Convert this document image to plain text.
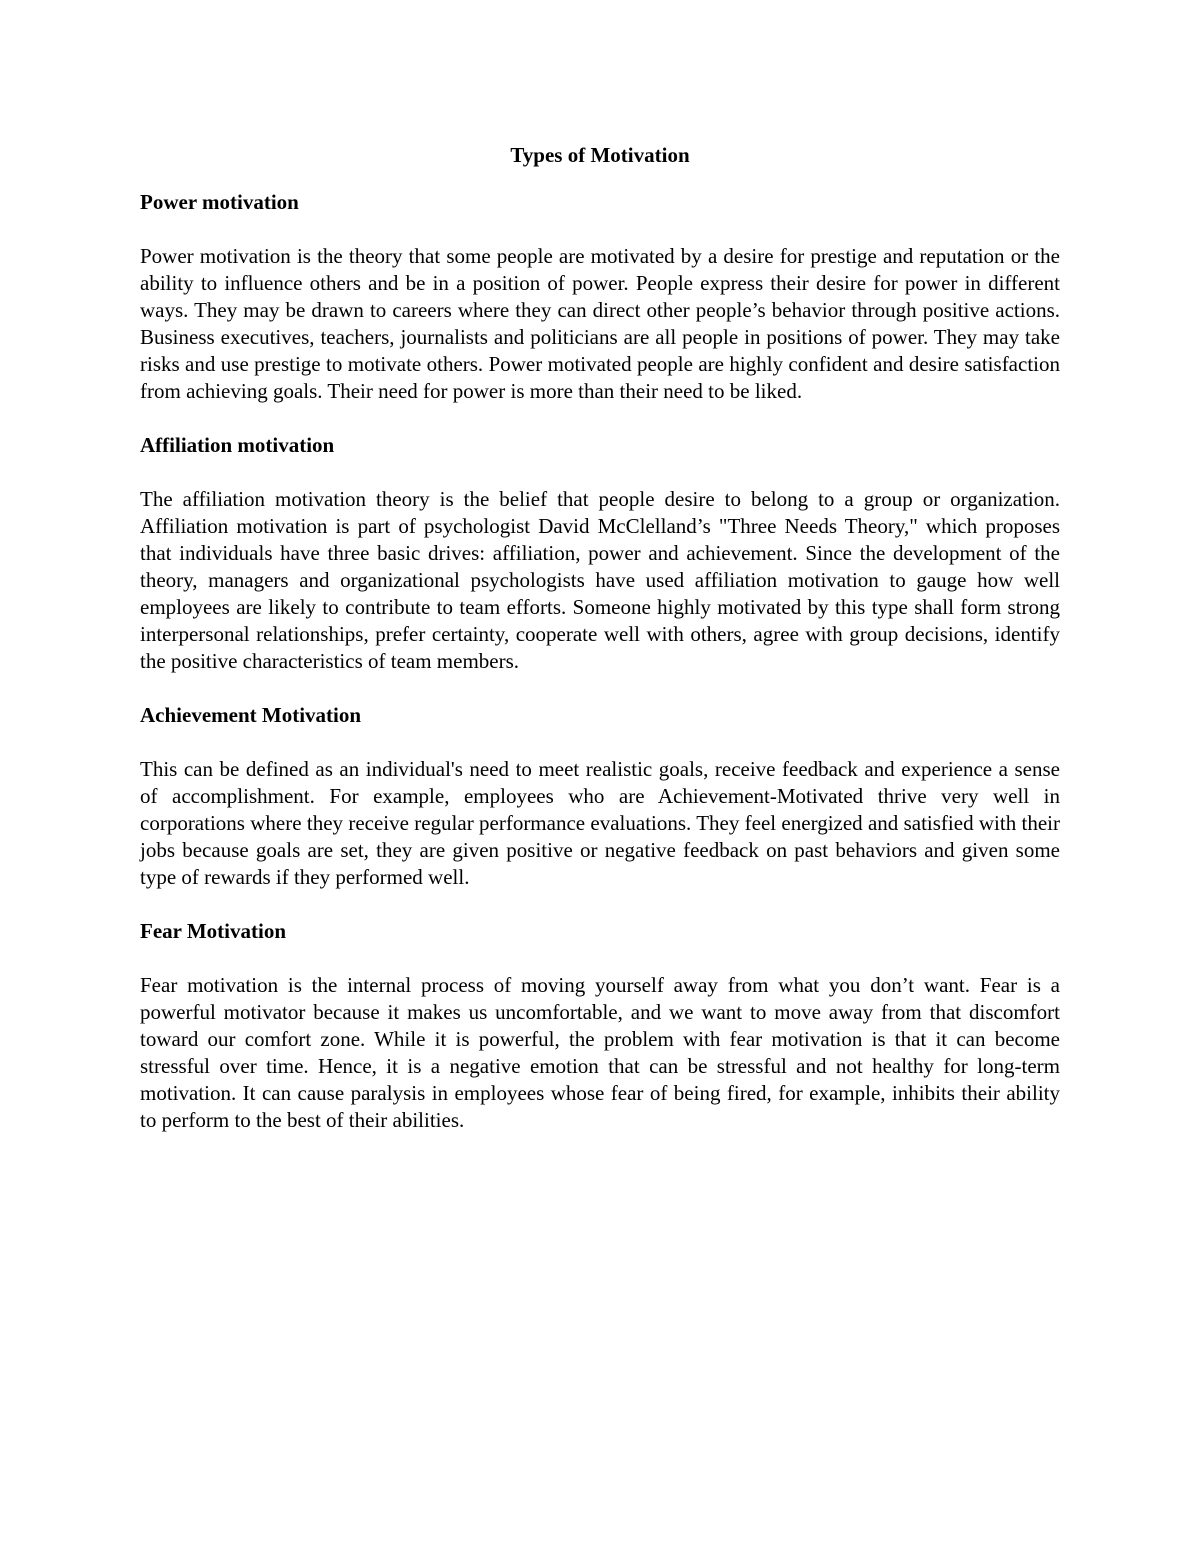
Types of Motivation
Power motivation

Power motivation is the theory that some people are motivated by a desire for prestige and reputation or the ability to influence others and be in a position of power. People express their desire for power in different ways. They may be drawn to careers where they can direct other people’s behavior through positive actions. Business executives, teachers, journalists and politicians are all people in positions of power. They may take risks and use prestige to motivate others. Power motivated people are highly confident and desire satisfaction from achieving goals. Their need for power is more than their need to be liked.

Affiliation motivation

The affiliation motivation theory is the belief that people desire to belong to a group or organization. Affiliation motivation is part of psychologist David McClelland’s "Three Needs Theory," which proposes that individuals have three basic drives: affiliation, power and achievement. Since the development of the theory, managers and organizational psychologists have used affiliation motivation to gauge how well employees are likely to contribute to team efforts. Someone highly motivated by this type shall form strong interpersonal relationships, prefer certainty, cooperate well with others, agree with group decisions, identify the positive characteristics of team members.

Achievement Motivation

This can be defined as an individual's need to meet realistic goals, receive feedback and experience a sense of accomplishment. For example, employees who are Achievement-Motivated thrive very well in corporations where they receive regular performance evaluations. They feel energized and satisfied with their jobs because goals are set, they are given positive or negative feedback on past behaviors and given some type of rewards if they performed well.

Fear Motivation

Fear motivation is the internal process of moving yourself away from what you don’t want. Fear is a powerful motivator because it makes us uncomfortable, and we want to move away from that discomfort toward our comfort zone. While it is powerful, the problem with fear motivation is that it can become stressful over time. Hence, it is a negative emotion that can be stressful and not healthy for long-term motivation. It can cause paralysis in employees whose fear of being fired, for example, inhibits their ability to perform to the best of their abilities.
